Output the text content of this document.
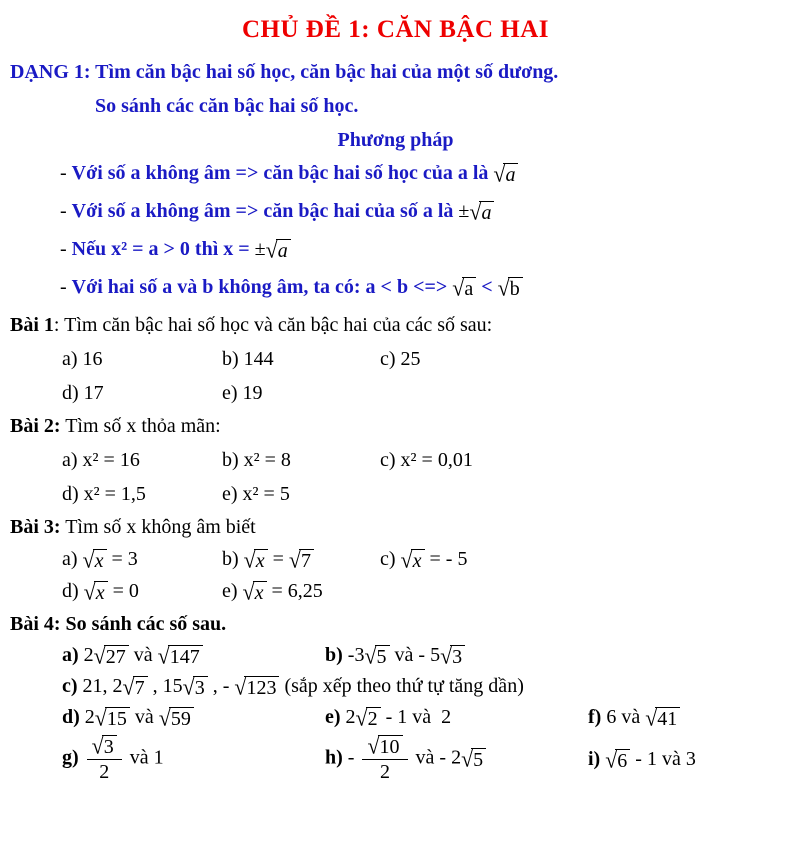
CHỦ ĐỀ 1: CĂN BẬC HAI
DẠNG 1: Tìm căn bậc hai số học, căn bậc hai của một số dương.
So sánh các căn bậc hai số học.
Phương pháp
- Với số a không âm => căn bậc hai số học của a là √a
- Với số a không âm => căn bậc hai của số a là ±√a
- Nếu x² = a > 0 thì x = ±√a
- Với hai số a và b không âm, ta có: a < b <=> √a < √b
Bài 1: Tìm căn bậc hai số học và căn bậc hai của các số sau:
a) 16	b) 144	c) 25
d) 17	e) 19
Bài 2: Tìm số x thỏa mãn:
a) x² = 16	b) x² = 8	c) x² = 0,01
d) x² = 1,5	e) x² = 5
Bài 3: Tìm số x không âm biết
a) √x = 3	b) √x = √7	c) √x = - 5
d) √x = 0	e) √x = 6,25
Bài 4: So sánh các số sau.
a) 2√27 và √147	b) -3√5 và - 5√3
c) 21, 2√7 , 15√3 , - √123 (sắp xếp theo thứ tự tăng dần)
d) 2√15 và √59	e) 2√2 - 1 và  2	f) 6 và √41
$g) \frac{√3}{2}$ và 1	$h) - \frac{√10}{2}$ và - 2√5	i) √6 - 1 và 3
